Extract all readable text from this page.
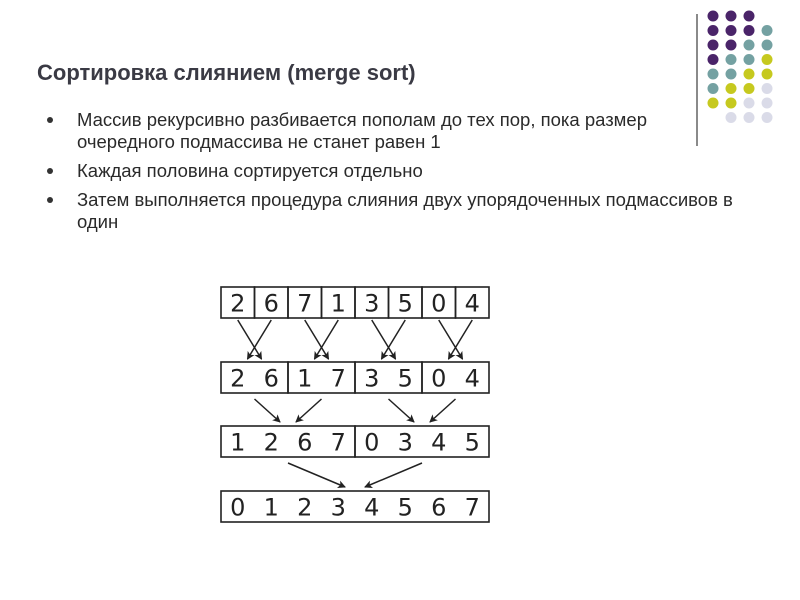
Сортировка слиянием (merge sort)
Массив рекурсивно разбивается пополам до тех пор, пока размер очередного подмассива не станет равен 1
Каждая половина сортируется отдельно
Затем выполняется процедура слияния двух упорядоченных подмассивов в один
2 6 7 1 3 5 0 4
2 6 1 7 3 5 0 4
1 2 6 7 0 3 4 5
0 1 2 3 4 5 6 7
